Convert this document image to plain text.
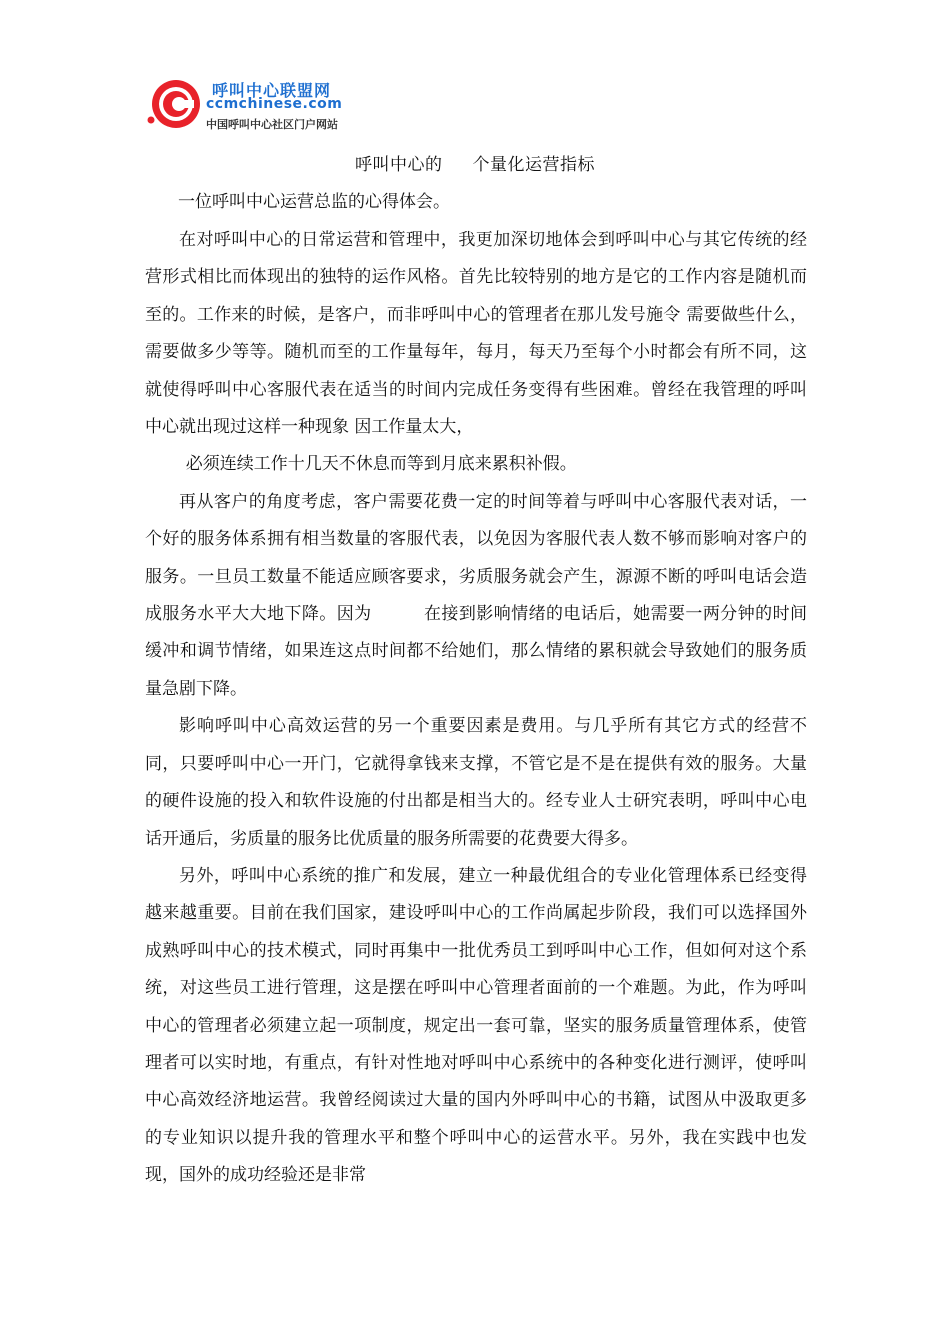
呼叫中心联盟网
ccmchinese.com
中国呼叫中心社区门户网站
呼叫中心的 个量化运营指标
一位呼叫中心运营总监的心得体会。

在对呼叫中心的日常运营和管理中，我更加深切地体会到呼叫中心与其它传统的经营形式相比而体现出的独特的运作风格。首先比较特别的地方是它的工作内容是随机而至的。工作来的时候，是客户，而非呼叫中心的管理者在那儿发号施令 需要做些什么，需要做多少等等。随机而至的工作量每年，每月，每天乃至每个小时都会有所不同，这就使得呼叫中心客服代表在适当的时间内完成任务变得有些困难。曾经在我管理的呼叫中心就出现过这样一种现象 因工作量太大，

必须连续工作十几天不休息而等到月底来累积补假。

再从客户的角度考虑，客户需要花费一定的时间等着与呼叫中心客服代表对话，一个好的服务体系拥有相当数量的客服代表，以免因为客服代表人数不够而影响对客户的服务。一旦员工数量不能适应顾客要求，劣质服务就会产生，源源不断的呼叫电话会造成服务水平大大地下降。因为	在接到影响情绪的电话后，她需要一两分钟的时间缓冲和调节情绪，如果连这点时间都不给她们，那么情绪的累积就会导致她们的服务质量急剧下降。

影响呼叫中心高效运营的另一个重要因素是费用。与几乎所有其它方式的经营不同，只要呼叫中心一开门，它就得拿钱来支撑，不管它是不是在提供有效的服务。大量的硬件设施的投入和软件设施的付出都是相当大的。经专业人士研究表明，呼叫中心电话开通后，劣质量的服务比优质量的服务所需要的花费要大得多。

另外，呼叫中心系统的推广和发展，建立一种最优组合的专业化管理体系已经变得越来越重要。目前在我们国家，建设呼叫中心的工作尚属起步阶段，我们可以选择国外成熟呼叫中心的技术模式，同时再集中一批优秀员工到呼叫中心工作，但如何对这个系统，对这些员工进行管理，这是摆在呼叫中心管理者面前的一个难题。为此，作为呼叫中心的管理者必须建立起一项制度，规定出一套可靠，坚实的服务质量管理体系，使管理者可以实时地，有重点，有针对性地对呼叫中心系统中的各种变化进行测评，使呼叫中心高效经济地运营。我曾经阅读过大量的国内外呼叫中心的书籍，试图从中汲取更多的专业知识以提升我的管理水平和整个呼叫中心的运营水平。另外，我在实践中也发现，国外的成功经验还是非常
